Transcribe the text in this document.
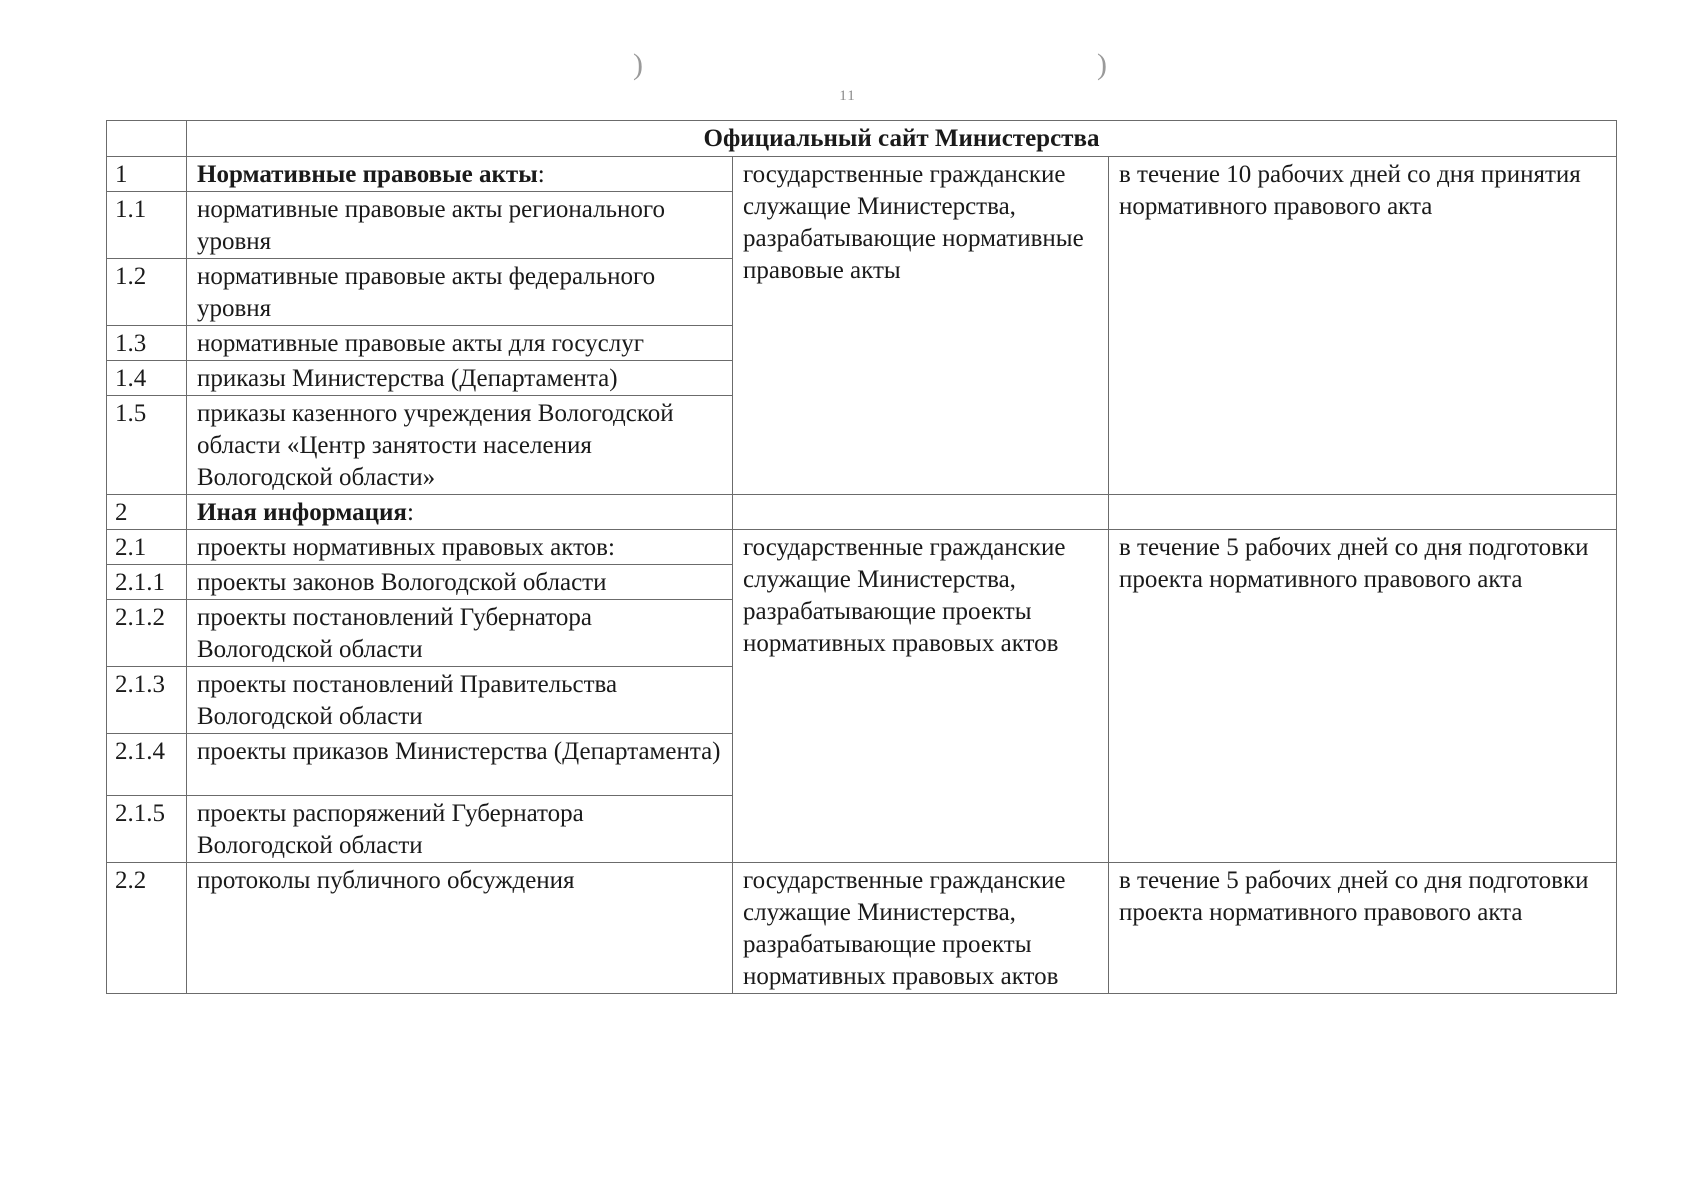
)	)
11
	Официальный сайт Министерства		
1	Нормативные правовые акты:	государственные гражданские служащие Министерства, разрабатывающие нормативные правовые акты	в течение 10 рабочих дней со дня принятия нормативного правового акта
1.1	нормативные правовые акты регионального уровня		
1.2	нормативные правовые акты федерального уровня		
1.3	нормативные правовые акты для госуслуг		
1.4	приказы Министерства (Департамента)		
1.5	приказы казенного учреждения Вологодской области «Центр занятости населения Вологодской области»		
2	Иная информация:		
2.1	проекты нормативных правовых актов:	государственные гражданские служащие Министерства, разрабатывающие проекты нормативных правовых актов	в течение 5 рабочих дней со дня подготовки проекта нормативного правового акта
2.1.1	проекты законов Вологодской области		
2.1.2	проекты постановлений Губернатора Вологодской области		
2.1.3	проекты постановлений Правительства Вологодской области		
2.1.4	проекты приказов Министерства (Департамента)		
2.1.5	проекты распоряжений Губернатора Вологодской области		
2.2	протоколы публичного обсуждения	государственные гражданские служащие Министерства, разрабатывающие проекты нормативных правовых актов	в течение 5 рабочих дней со дня подготовки проекта нормативного правового акта
